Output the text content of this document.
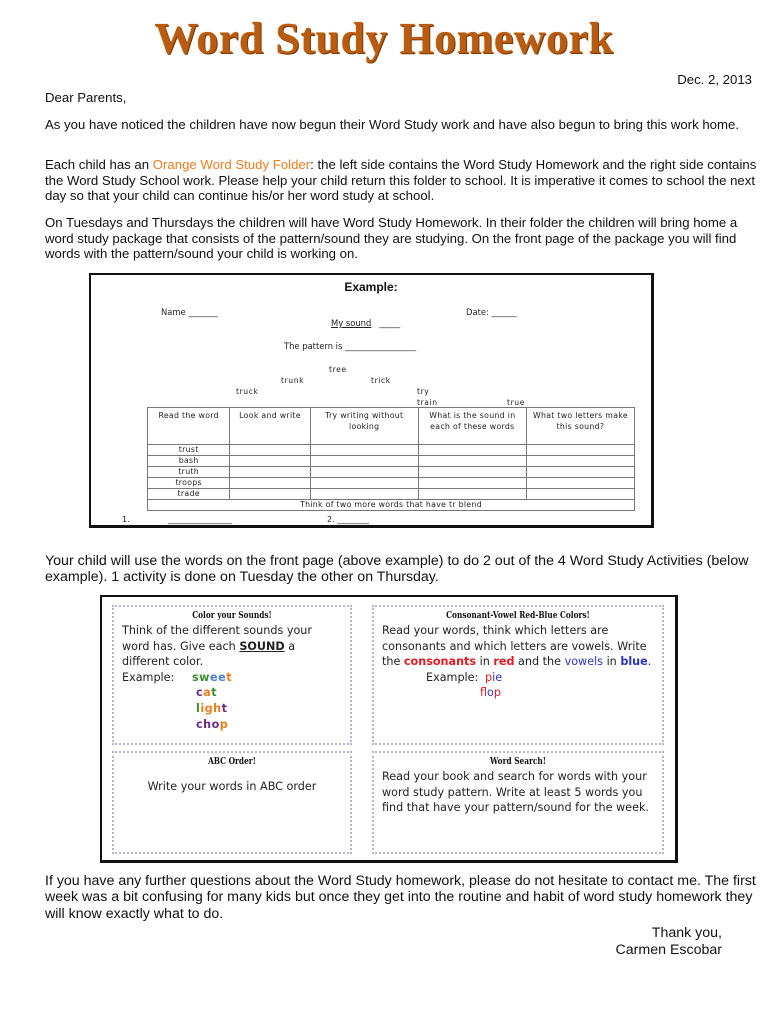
Word Study Homework
Dec. 2, 2013
Dear Parents,
As you have noticed the children have now begun their Word Study work and have also begun to bring this work home.
Each child has an Orange Word Study Folder: the left side contains the Word Study Homework and the right side contains the Word Study School work. Please help your child return this folder to school. It is imperative it comes to school the next day so that your child can continue his/or her word study at school.
On Tuesdays and Thursdays the children will have Word Study Homework. In their folder the children will bring home a word study package that consists of the pattern/sound they are studying. On the front page of the package you will find words with the pattern/sound your child is working on.
Example:
Name _______	Date: ______
My sound _____
The pattern is _________________
tree
trunk	trick
truck	try
train	true
Read the word	Look and write	Try writing without looking	What is the sound in each of these words	What two letters make this sound?
trust				
bash				
truth				
troops				
trade				
Think of two more words that have tr blend				
1.	________________	2. ________
Your child will use the words on the front page (above example) to do 2 out of the 4 Word Study Activities (below example). 1 activity is done on Tuesday the other on Thursday.
Color your Sounds!
Think of the different sounds your word has. Give each SOUND a different color.
Example: sweet
cat
light
chop
Consonant-Vowel Red-Blue Colors!
Read your words, think which letters are consonants and which letters are vowels. Write the consonants in red and the vowels in blue.
Example: pie
flop
ABC Order!
Write your words in ABC order
Word Search!
Read your book and search for words with your word study pattern. Write at least 5 words you find that have your pattern/sound for the week.
If you have any further questions about the Word Study homework, please do not hesitate to contact me. The first week was a bit confusing for many kids but once they get into the routine and habit of word study homework they will know exactly what to do.
Thank you,
Carmen Escobar
